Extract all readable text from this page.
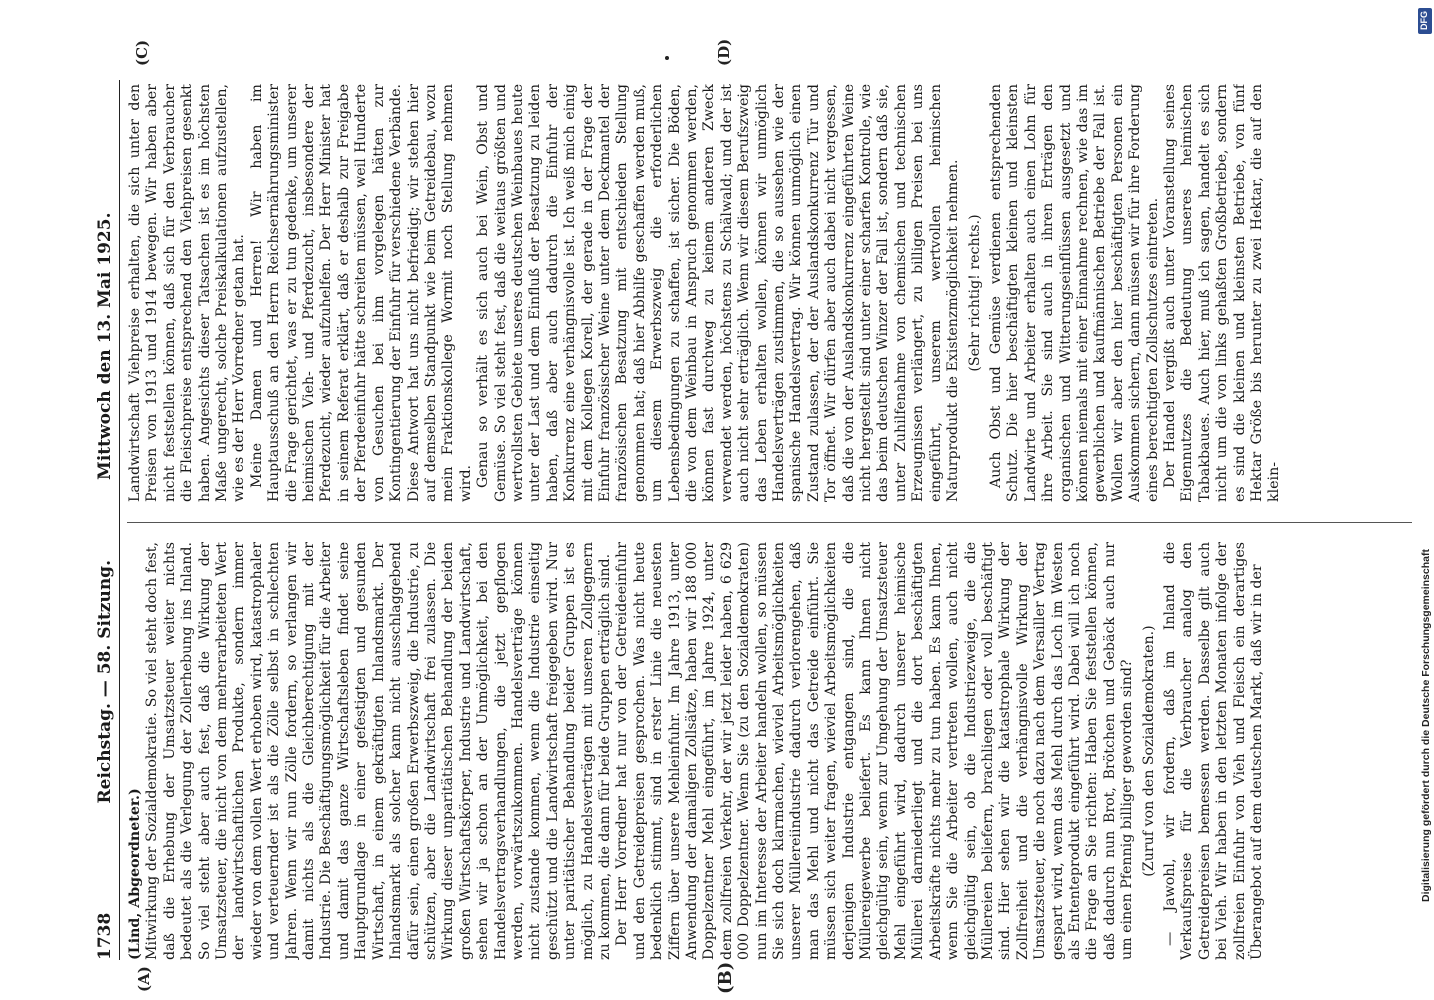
1738
Reichstag. — 58. Sitzung.
Mittwoch den 13. Mai 1925.
(A)	(B)
(C)	(D)

(Lind, Abgeordneter.) Mitwirkung der Sozialdemokratie. So viel steht doch fest, daß die Erhebung der Umsatzsteuer weiter nichts bedeutet als die Verlegung der Zollerhebung ins Inland. So viel steht aber auch fest, daß die Wirkung der Umsatzsteuer, die nicht von dem mehrerarbeiteten Wert der landwirtschaftlichen Produkte, sondern immer wieder von dem vollen Wert erhoben wird, katastrophaler und verteuernder ist als die Zölle selbst in schlechten Jahren. Wenn wir nun Zölle fordern, so verlangen wir damit nichts als die Gleichberechtigung mit der Industrie. Die Beschäftigungsmöglichkeit für die Arbeiter und damit das ganze Wirtschaftsleben findet seine Hauptgrundlage in einer gefestigten und gesunden Wirtschaft, in einem gekräftigten Inlandsmarkt. Der Inlandsmarkt als solcher kann nicht ausschlaggebend dafür sein, einen großen Erwerbszweig, die Industrie, zu schützen, aber die Landwirtschaft frei zulassen. Die Wirkung dieser unparitätischen Behandlung der beiden großen Wirtschaftskörper, Industrie und Landwirtschaft, sehen wir ja schon an der Unmöglichkeit, bei den Handelsvertragsverhandlungen, die jetzt gepflogen werden, vorwärtszukommen. Handelsverträge können nicht zustande kommen, wenn die Industrie einseitig geschützt und die Landwirtschaft freigegeben wird. Nur unter paritätischer Behandlung beider Gruppen ist es möglich, zu Handelsverträgen mit unseren Zollgegnern zu kommen, die dann für beide Gruppen erträglich sind. Der Herr Vorredner hat nur von der Getreideeinfuhr und den Getreidepreisen gesprochen. Was nicht heute bedenklich stimmt, sind in erster Linie die neuesten Ziffern über unsere Mehleinfuhr. Im Jahre 1913, unter Anwendung der damaligen Zollsätze, haben wir 188 000 Doppelzentner Mehl eingeführt, im Jahre 1924, unter dem zollfreien Verkehr, der wir jetzt leider haben, 6 629 000 Doppelzentner. Wenn Sie (zu den Sozialdemokraten) nun im Interesse der Arbeiter handeln wollen, so müssen Sie sich doch klarmachen, wieviel Arbeitsmöglichkeiten unserer Müllereiindustrie dadurch verlorengehen, daß man das Mehl und nicht das Getreide einführt. Sie müssen sich weiter fragen, wieviel Arbeitsmöglichkeiten derjenigen Industrie entgangen sind, die die Müllereigewerbe beliefert. Es kann Ihnen nicht gleichgültig sein, wenn zur Umgehung der Umsatzsteuer Mehl eingeführt wird, dadurch unserer heimische Müllerei darniederliegt und die dort beschäftigten Arbeitskräfte nichts mehr zu tun haben. Es kann Ihnen, wenn Sie die Arbeiter vertreten wollen, auch nicht gleichgültig sein, ob die Industriezweige, die die Müllereien beliefern, brachliegen oder voll beschäftigt sind. Hier sehen wir die katastrophale Wirkung der Zollfreiheit und die verhängnisvolle Wirkung der Umsatzsteuer, die noch dazu nach dem Versailler Vertrag gespart wird, wenn das Mehl durch das Loch im Westen als Ententeprodukt eingeführt wird. Dabei will ich noch die Frage an Sie richten: Haben Sie feststellen können, daß dadurch nun Brot, Brötchen und Gebäck auch nur um einen Pfennig billiger geworden sind? (Zuruf von den Sozialdemokraten.) — Jawohl, wir fordern, daß im Inland die Verkaufspreise für die Verbraucher analog den Getreidepreisen bemessen werden. Dasselbe gilt auch bei Vieh. Wir haben in den letzten Monaten infolge der zollfreien Einfuhr von Vieh und Fleisch ein derartiges Überangebot auf dem deutschen Markt, daß wir in der

Landwirtschaft Viehpreise erhalten, die sich unter den Preisen von 1913 und 1914 bewegen. Wir haben aber nicht feststellen können, daß sich für den Verbraucher die Fleischpreise entsprechend den Viehpreisen gesenkt haben. Angesichts dieser Tatsachen ist es im höchsten Maße ungerecht, solche Preiskalkulationen aufzustellen, wie es der Herr Vorredner getan hat. Meine Damen und Herren! Wir haben im Hauptausschuß an den Herrn Reichsernährungsminister die Frage gerichtet, was er zu tun gedenke, um unserer heimischen Vieh- und Pferdezucht, insbesondere der Pferdezucht, wieder aufzuhelfen. Der Herr Minister hat in seinem Referat erklärt, daß er deshalb zur Freigabe der Pferdeeinfuhr hätte schreiten müssen, weil Hunderte von Gesuchen bei ihm vorgelegen hätten zur Kontingentierung der Einfuhr für verschiedene Verbände. Diese Antwort hat uns nicht befriedigt; wir stehen hier auf demselben Standpunkt wie beim Getreidebau, wozu mein Fraktionskollege Wormit noch Stellung nehmen wird. Genau so verhält es sich auch bei Wein, Obst und Gemüse. So viel steht fest, daß die weitaus größten und wertvollsten Gebiete unseres deutschen Weinbaues heute unter der Last und dem Einfluß der Besatzung zu leiden haben, daß aber auch dadurch die Einfuhr der Konkurrenz eine verhängnisvolle ist. Ich weiß mich einig mit dem Kollegen Korell, der gerade in der Frage der Einfuhr französischer Weine unter dem Deckmantel der französischen Besatzung mit entschieden Stellung genommen hat; daß hier Abhilfe geschaffen werden muß, um diesem Erwerbszweig die erforderlichen Lebensbedingungen zu schaffen, ist sicher. Die Böden, die von dem Weinbau in Anspruch genommen werden, können fast durchweg zu keinem anderen Zweck verwendet werden, höchstens zu Schälwald; und der ist auch nicht sehr erträglich. Wenn wir diesem Berufszweig das Leben erhalten wollen, können wir unmöglich Handelsverträgen zustimmen, die so aussehen wie der spanische Handelsvertrag. Wir können unmöglich einen Zustand zulassen, der der Auslandskonkurrenz Tür und Tor öffnet. Wir dürfen aber auch dabei nicht vergessen, daß die von der Auslandskonkurrenz eingeführten Weine nicht hergestellt sind unter einer scharfen Kontrolle, wie das beim deutschen Winzer der Fall ist, sondern daß sie, unter Zuhilfenahme von chemischen und technischen Erzeugnissen verlängert, zu billigen Preisen bei uns eingeführt, unserem wertvollen heimischen Naturprodukt die Existenzmöglichkeit nehmen. (Sehr richtig! rechts.) Auch Obst und Gemüse verdienen entsprechenden Schutz. Die hier beschäftigten kleinen und kleinsten Landwirte und Arbeiter erhalten auch einen Lohn für ihre Arbeit. Sie sind auch in ihren Erträgen den organischen und Witterungseinflüssen ausgesetzt und können niemals mit einer Einnahme rechnen, wie das im gewerblichen und kaufmännischen Betriebe der Fall ist. Wollen wir aber den hier beschäftigten Personen ein Auskommen sichern, dann müssen wir für ihre Forderung eines berechtigten Zollschutzes eintreten. Der Handel vergißt auch unter Voranstellung seines Eigennutzes die Bedeutung unseres heimischen Tabakbaues. Auch hier, muß ich sagen, handelt es sich nicht um die von links gehaßten Großbetriebe, sondern es sind die kleinen und kleinsten Betriebe, von fünf Hektar Größe bis herunter zu zwei Hektar, die auf den klein-

DFG
Digitalisierung gefördert durch die Deutsche Forschungsgemeinschaft
